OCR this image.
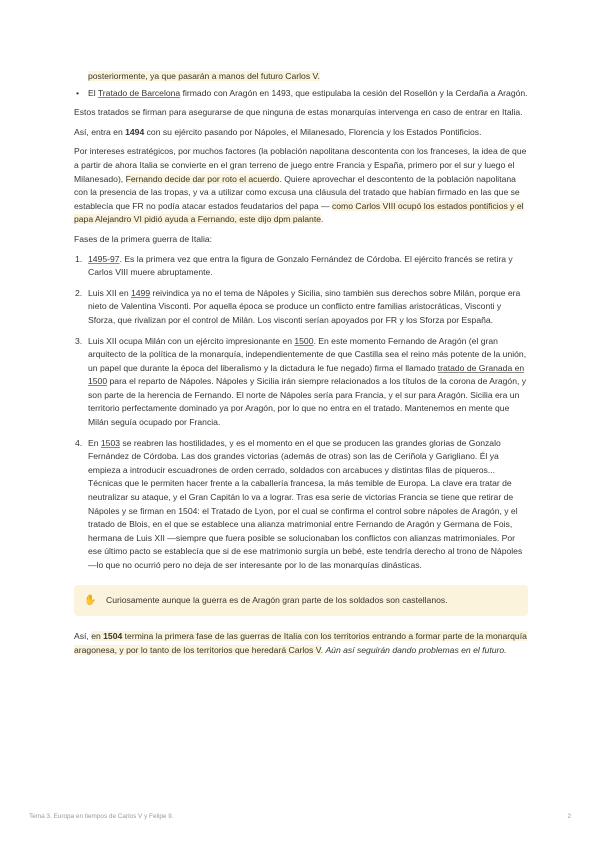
posteriormente, ya que pasarán a manos del futuro Carlos V.

• El Tratado de Barcelona firmado con Aragón en 1493, que estipulaba la cesión del Rosellón y la Cerdaña a Aragón.

Estos tratados se firman para asegurarse de que ninguna de estas monarquías intervenga en caso de entrar en Italia.

Así, entra en 1494 con su ejército pasando por Nápoles, el Milanesado, Florencia y los Estados Pontificios.

Por intereses estratégicos, por muchos factores (la población napolitana descontenta con los franceses, la idea de que a partir de ahora Italia se convierte en el gran terreno de juego entre Francia y España, primero por el sur y luego el Milanesado), Fernando decide dar por roto el acuerdo. Quiere aprovechar el descontento de la población napolitana con la presencia de las tropas, y va a utilizar como excusa una cláusula del tratado que habían firmado en las que se establecía que FR no podía atacar estados feudatarios del papa — como Carlos VIII ocupó los estados pontificios y el papa Alejandro VI pidió ayuda a Fernando, este dijo dpm palante.

Fases de la primera guerra de Italia:

1. 1495-97. Es la primera vez que entra la figura de Gonzalo Fernández de Córdoba. El ejército francés se retira y Carlos VIII muere abruptamente.
2. Luis XII en 1499 reivindica ya no el tema de Nápoles y Sicilia, sino también sus derechos sobre Milán, porque era nieto de Valentina Visconti. Por aquella época se produce un conflicto entre familias aristocráticas, Visconti y Sforza, que rivalizan por el control de Milán. Los visconti serían apoyados por FR y los Sforza por España.
3. Luis XII ocupa Milán con un ejército impresionante en 1500. En este momento Fernando de Aragón (el gran arquitecto de la política de la monarquía, independientemente de que Castilla sea el reino más potente de la unión, un papel que durante la época del liberalismo y la dictadura le fue negado) firma el llamado tratado de Granada en 1500 para el reparto de Nápoles. Nápoles y Sicilia irán siempre relacionados a los títulos de la corona de Aragón, y son parte de la herencia de Fernando. El norte de Nápoles sería para Francia, y el sur para Aragón. Sicilia era un territorio perfectamente dominado ya por Aragón, por lo que no entra en el tratado. Mantenemos en mente que Milán seguía ocupado por Francia.
4. En 1503 se reabren las hostilidades, y es el momento en el que se producen las grandes glorias de Gonzalo Fernández de Córdoba. Las dos grandes victorias (además de otras) son las de Ceriñola y Garigliano. Él ya empieza a introducir escuadrones de orden cerrado, soldados con arcabuces y distintas filas de piqueros... Técnicas que le permiten hacer frente a la caballería francesa, la más temible de Europa. La clave era tratar de neutralizar su ataque, y el Gran Capitán lo va a lograr. Tras esa serie de victorias Francia se tiene que retirar de Nápoles y se firman en 1504: el Tratado de Lyon, por el cual se confirma el control sobre nápoles de Aragón, y el tratado de Blois, en el que se establece una alianza matrimonial entre Fernando de Aragón y Germana de Fois, hermana de Luis XII —siempre que fuera posible se solucionaban los conflictos con alianzas matrimoniales. Por ese último pacto se establecía que si de ese matrimonio surgía un bebé, este tendría derecho al trono de Nápoles—lo que no ocurrió pero no deja de ser interesante por lo de las monarquías dinásticas.
✋ Curiosamente aunque la guerra es de Aragón gran parte de los soldados son castellanos.

Así, en 1504 termina la primera fase de las guerras de Italia con los territorios entrando a formar parte de la monarquía aragonesa, y por lo tanto de los territorios que heredará Carlos V. Aún así seguirán dando problemas en el futuro.

Tema 3. Europa en tiempos de Carlos V y Felipe II.	2
